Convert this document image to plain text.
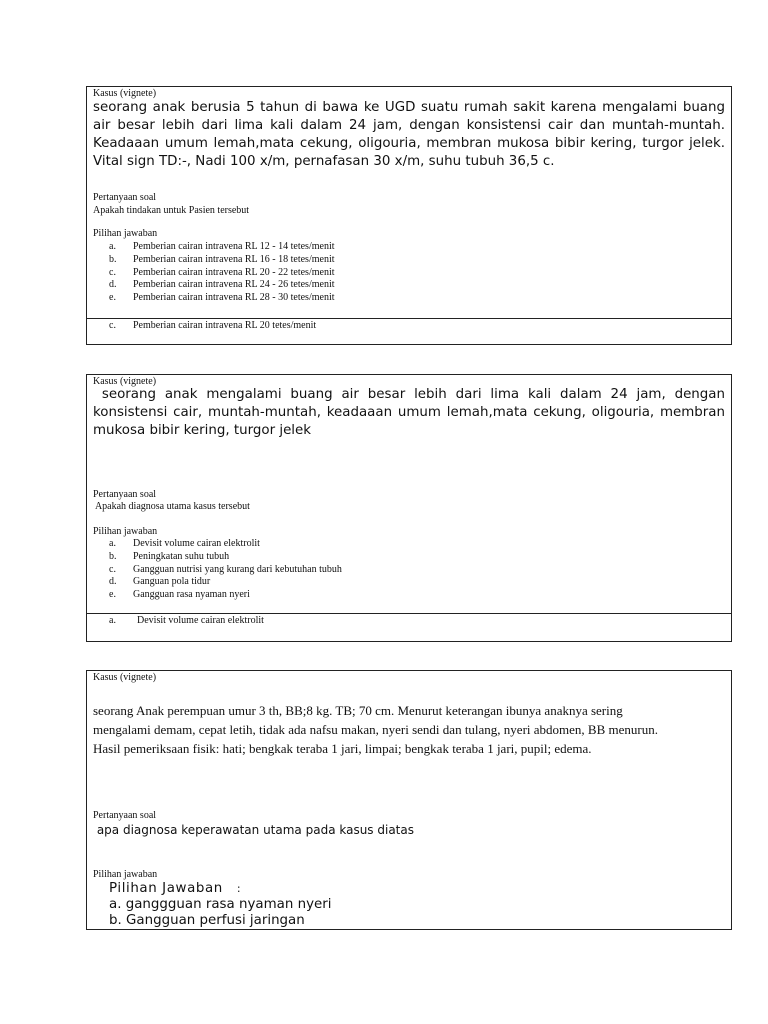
Kasus (vignete)
seorang anak berusia 5 tahun di bawa ke UGD suatu rumah sakit karena mengalami buang air besar lebih dari lima kali dalam 24 jam, dengan konsistensi cair dan muntah-muntah. Keadaaan umum lemah,mata cekung, oligouria, membran mukosa bibir kering, turgor jelek. Vital sign TD:-, Nadi 100 x/m, pernafasan 30 x/m, suhu tubuh 36,5 c.
Pertanyaan soal
Apakah tindakan untuk Pasien tersebut
Pilihan jawaban
a. Pemberian cairan intravena RL 12 - 14 tetes/menit
b. Pemberian cairan intravena RL 16 - 18 tetes/menit
c. Pemberian cairan intravena RL 20 - 22 tetes/menit
d. Pemberian cairan intravena RL 24 - 26 tetes/menit
e. Pemberian cairan intravena RL 28 - 30 tetes/menit
c. Pemberian cairan intravena RL 20 tetes/menit
Kasus (vignete)
seorang anak mengalami buang air besar lebih dari lima kali dalam 24 jam, dengan konsistensi cair, muntah-muntah, keadaaan umum lemah,mata cekung, oligouria, membran mukosa bibir kering, turgor jelek
Pertanyaan soal
Apakah diagnosa utama kasus tersebut
Pilihan jawaban
a. Devisit volume cairan elektrolit
b. Peningkatan suhu tubuh
c. Gangguan nutrisi yang kurang dari kebutuhan tubuh
d. Ganguan pola tidur
e. Gangguan rasa nyaman nyeri
a. Devisit volume cairan elektrolit
Kasus (vignete)
seorang Anak perempuan umur 3 th, BB;8 kg. TB; 70 cm. Menurut keterangan ibunya anaknya sering
mengalami demam, cepat letih, tidak ada nafsu makan, nyeri sendi dan tulang, nyeri abdomen, BB menurun.
Hasil pemeriksaan fisik: hati; bengkak teraba 1 jari, limpai; bengkak teraba 1 jari, pupil; edema.
Pertanyaan soal
apa diagnosa keperawatan utama pada kasus diatas
Pilihan jawaban
Pilihan Jawaban :
a. ganggguan rasa nyaman nyeri
b. Gangguan perfusi jaringan
